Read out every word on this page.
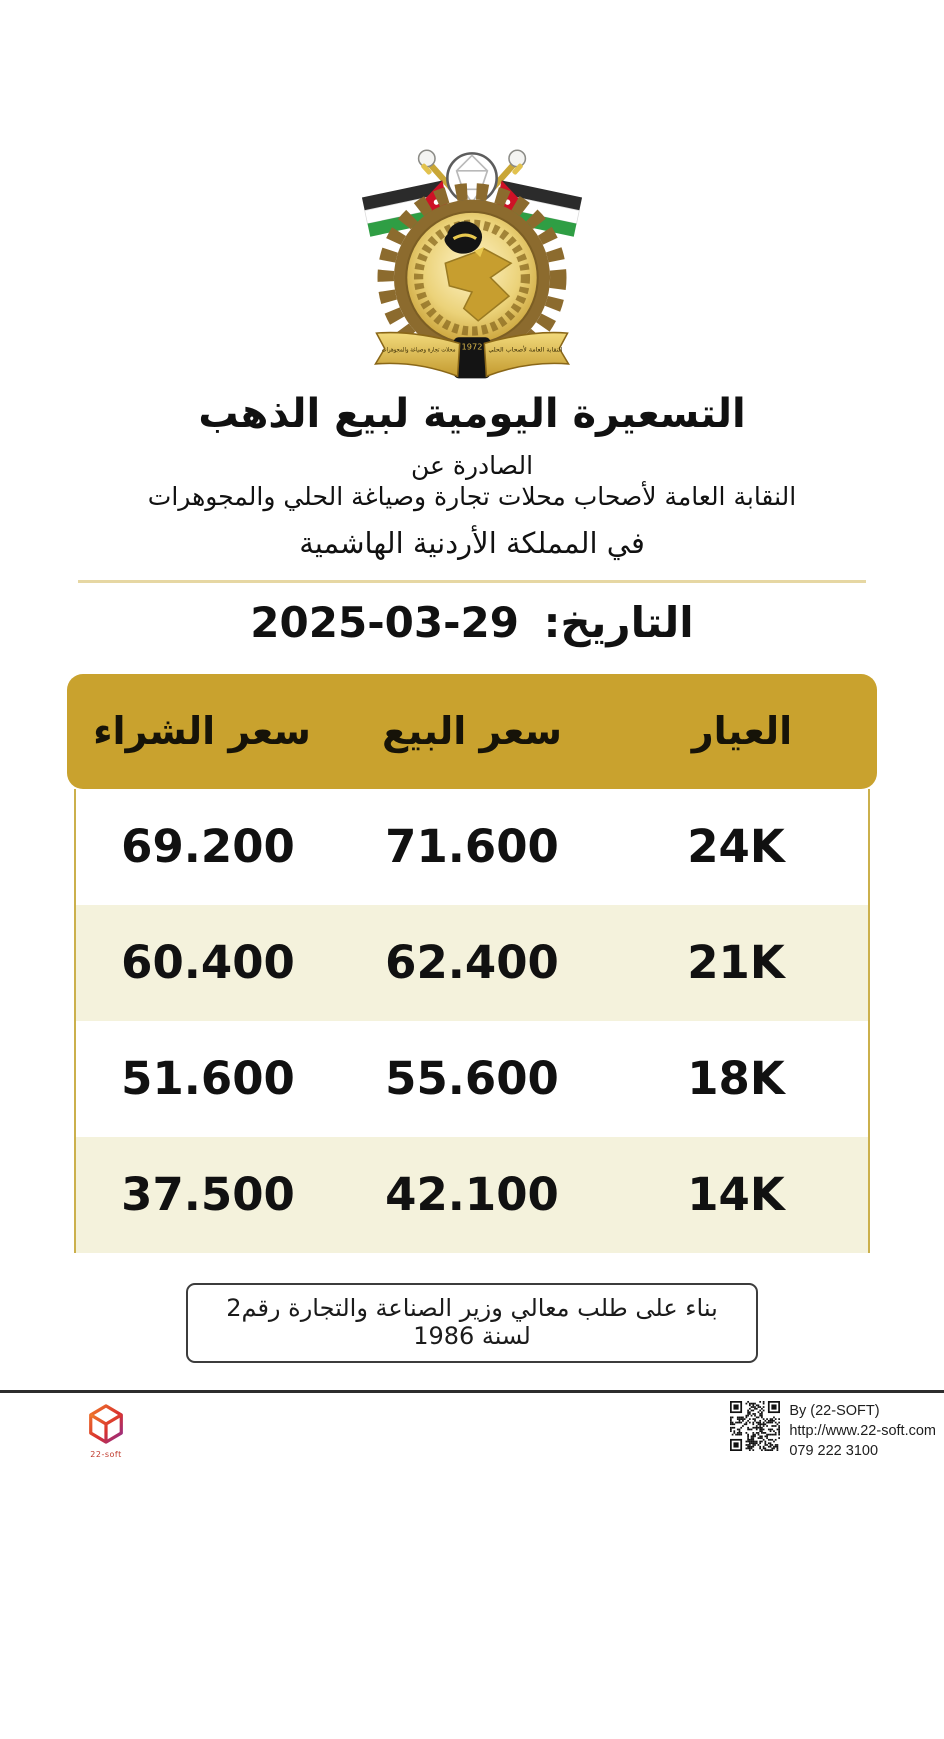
1972 النقابة العامة لأصحاب الحلي
محلات تجارة وصياغة والمجوهرات
التسعيرة اليومية لبيع الذهب
الصادرة عن
النقابة العامة لأصحاب محلات تجارة وصياغة الحلي والمجوهرات
في المملكة الأردنية الهاشمية
التاريخ: 29-03-2025
العيار
سعر البيع
سعر الشراء
24K
71.600
69.200
21K
62.400
60.400
18K
55.600
51.600
14K
42.100
37.500
بناء على طلب معالي وزير الصناعة والتجارة رقم2 لسنة 1986
22-soft
By (22-SOFT)
http://www.22-soft.com
079 222 3100
